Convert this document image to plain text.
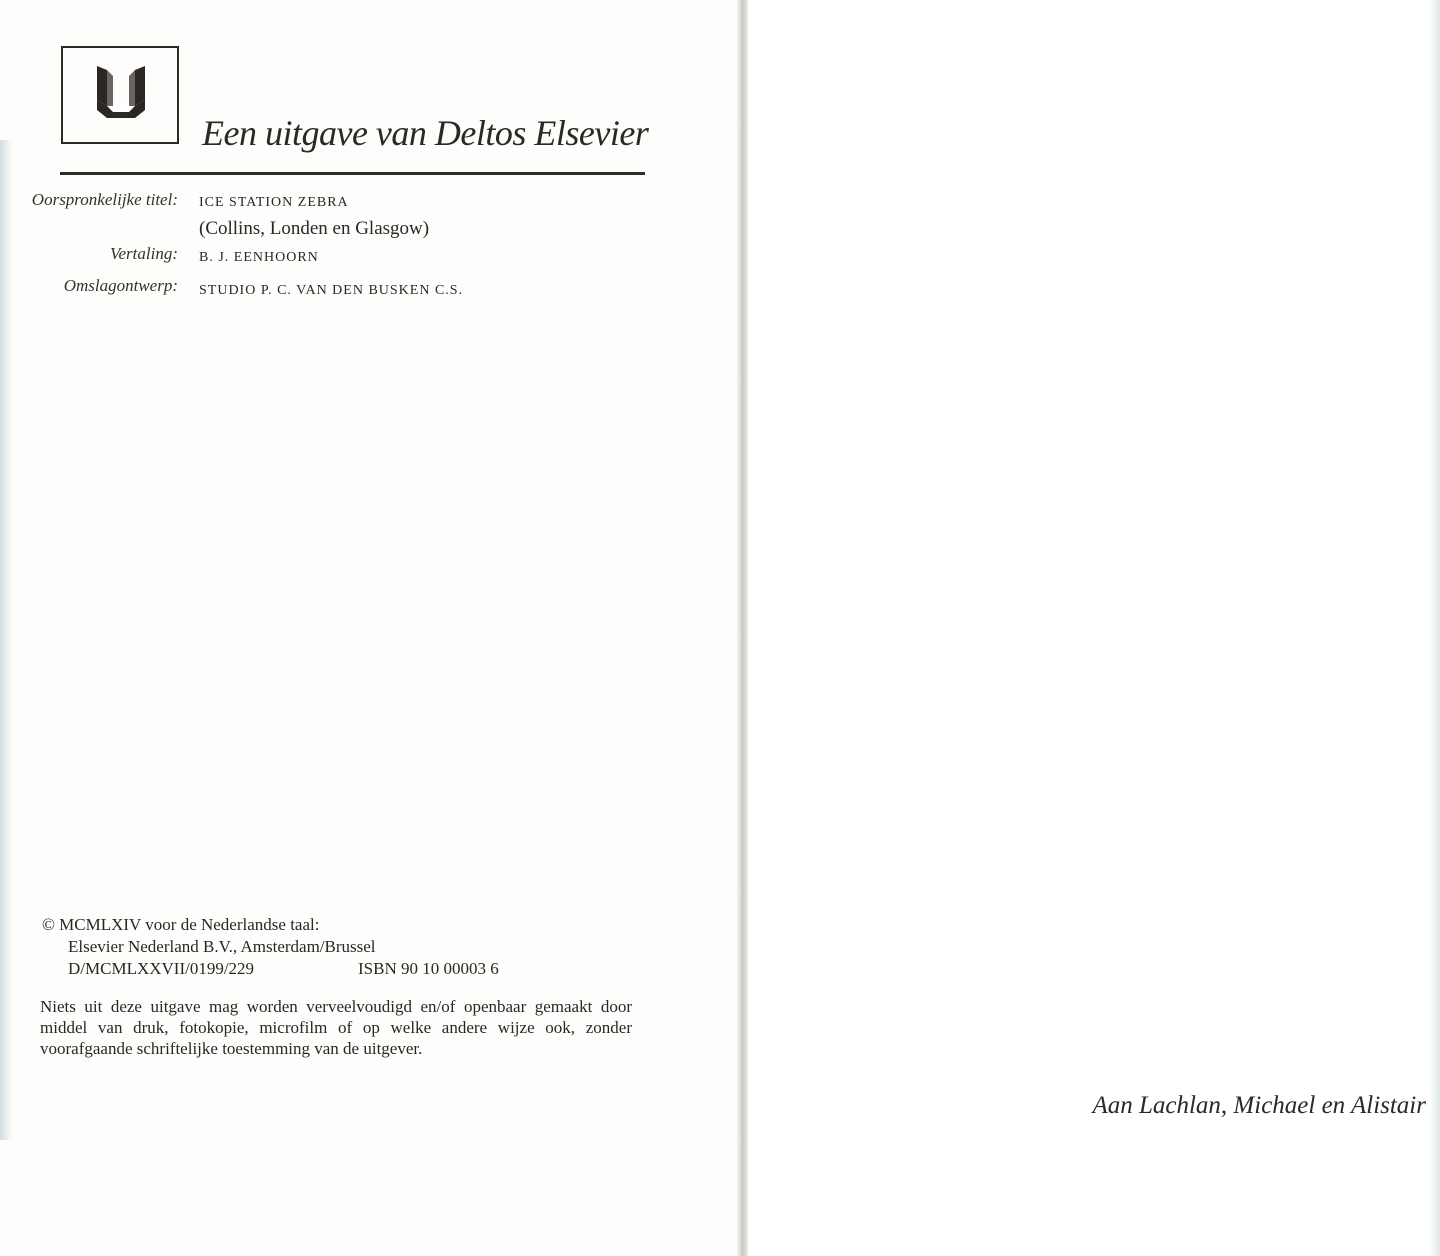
Een uitgave van Deltos Elsevier
Oorspronkelijke titel: ICE STATION ZEBRA
(Collins, Londen en Glasgow)
Vertaling: B. J. EENHOORN
Omslagontwerp: STUDIO P. C. VAN DEN BUSKEN C.S.
© MCMLXIV voor de Nederlandse taal:
Elsevier Nederland B.V., Amsterdam/Brussel
D/MCMLXXVII/0199/229	ISBN 90 10 00003 6
Niets uit deze uitgave mag worden verveelvoudigd en/of openbaar gemaakt door middel van druk, fotokopie, microfilm of op welke andere wijze ook, zonder voorafgaande schriftelijke toestemming van de uitgever.
Aan Lachlan, Michael en Alistair
